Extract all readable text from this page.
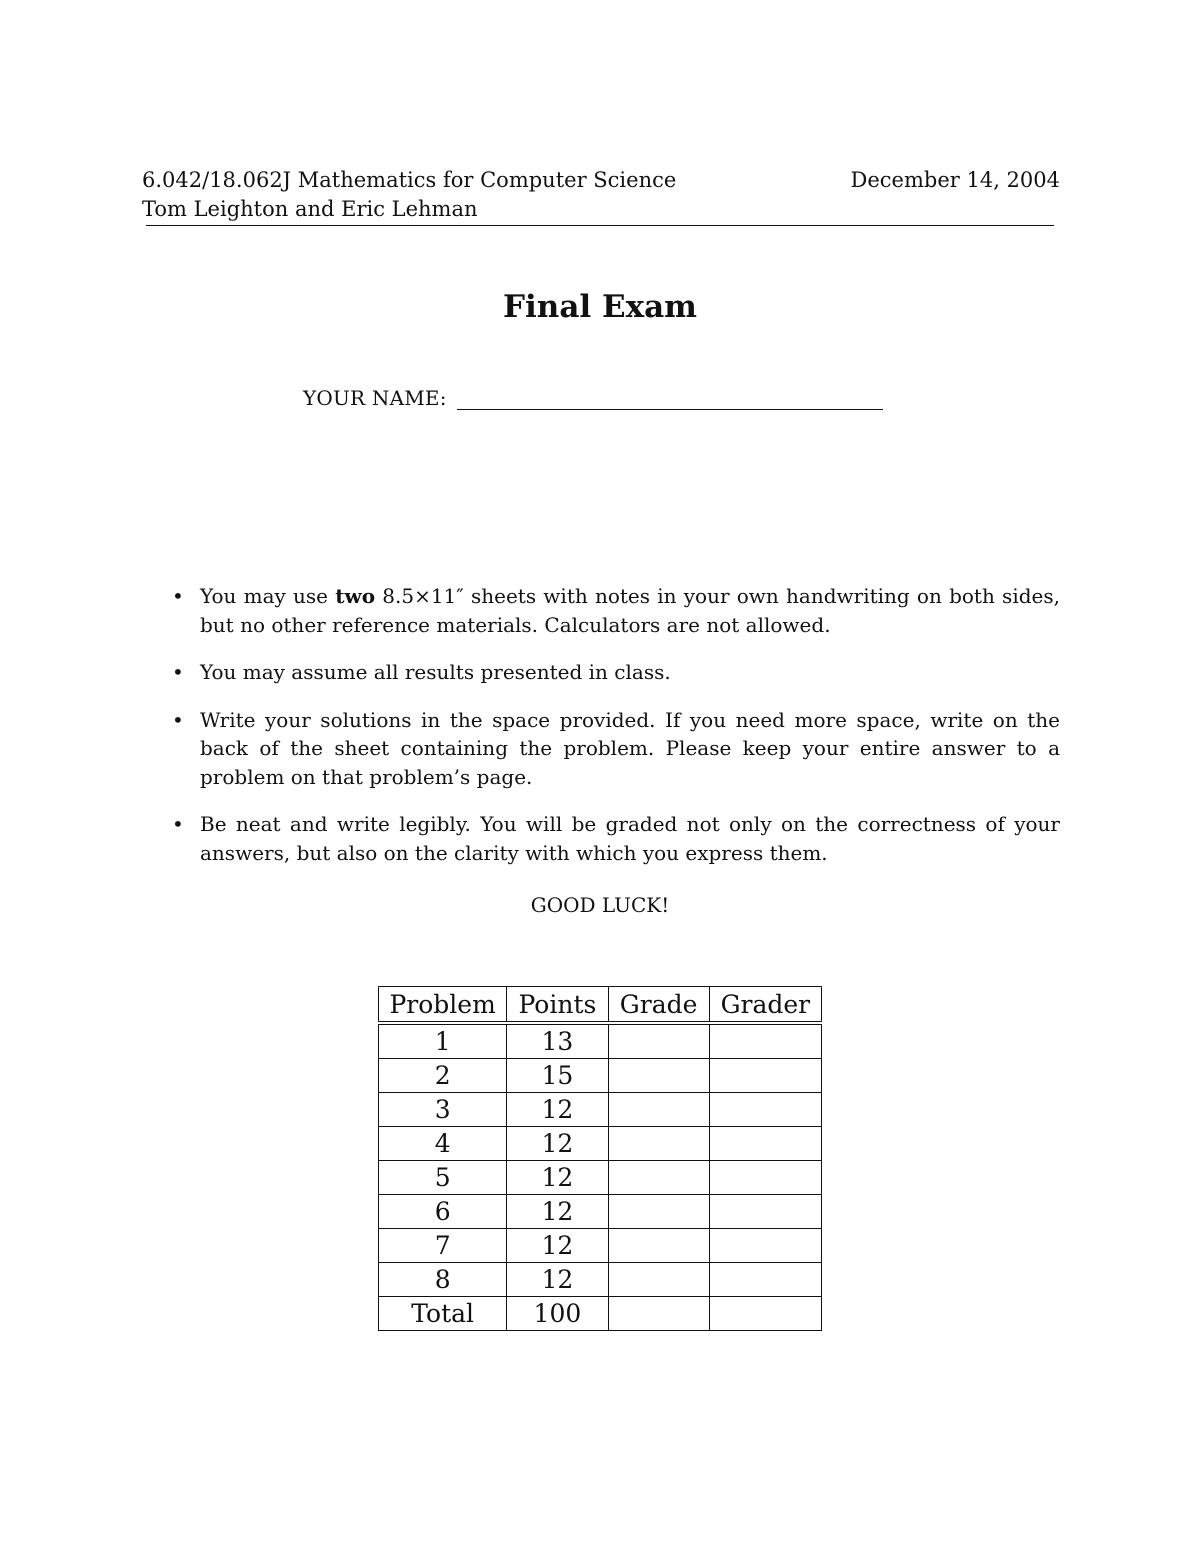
6.042/18.062J Mathematics for Computer Science	December 14, 2004
Tom Leighton and Eric Lehman
Final Exam
YOUR NAME:
• You may use two 8.5×11″ sheets with notes in your own handwriting on both sides, but no other reference materials. Calculators are not allowed.
• You may assume all results presented in class.
• Write your solutions in the space provided. If you need more space, write on the back of the sheet containing the problem. Please keep your entire answer to a problem on that problem’s page.
• Be neat and write legibly. You will be graded not only on the correctness of your answers, but also on the clarity with which you express them.
GOOD LUCK!
Problem	Points	Grade	Grader
1	13		
2	15		
3	12		
4	12		
5	12		
6	12		
7	12		
8	12		
Total	100		
